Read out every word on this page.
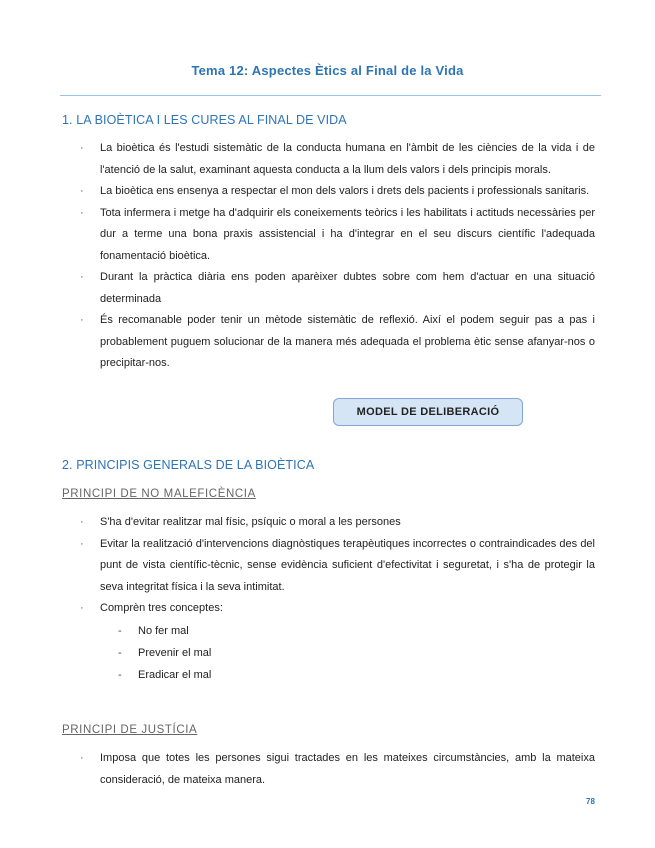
Tema 12: Aspectes Ètics al Final de la Vida
1. LA BIOÈTICA I LES CURES AL FINAL DE VIDA
· La bioètica és l'estudi sistemàtic de la conducta humana en l'àmbit de les ciències de la vida i de l'atenció de la salut, examinant aquesta conducta a la llum dels valors i dels principis morals.
· La bioètica ens ensenya a respectar el mon dels valors i drets dels pacients i professionals sanitaris.
· Tota infermera i metge ha d'adquirir els coneixements teòrics i les habilitats i actituds necessàries per dur a terme una bona praxis assistencial i ha d'integrar en el seu discurs científic l'adequada fonamentació bioètica.
· Durant la pràctica diària ens poden aparèixer dubtes sobre com hem d'actuar en una situació determinada
· És recomanable poder tenir un mètode sistemàtic de reflexió. Així el podem seguir pas a pas i probablement puguem solucionar de la manera més adequada el problema ètic sense afanyar-nos o precipitar-nos.
MODEL DE DELIBERACIÓ
2. PRINCIPIS GENERALS DE LA BIOÈTICA
PRINCIPI DE NO MALEFICÈNCIA
· S'ha d'evitar realitzar mal físic, psíquic o moral a les persones
· Evitar la realització d'intervencions diagnòstiques terapèutiques incorrectes o contraindicades des del punt de vista científic-tècnic, sense evidència suficient d'efectivitat i seguretat, i s'ha de protegir la seva integritat física i la seva intimitat.
· Comprèn tres conceptes:
- No fer mal
- Prevenir el mal
- Eradicar el mal
PRINCIPI DE JUSTÍCIA
· Imposa que totes les persones sigui tractades en les mateixes circumstàncies, amb la mateixa consideració, de mateixa manera.
78
